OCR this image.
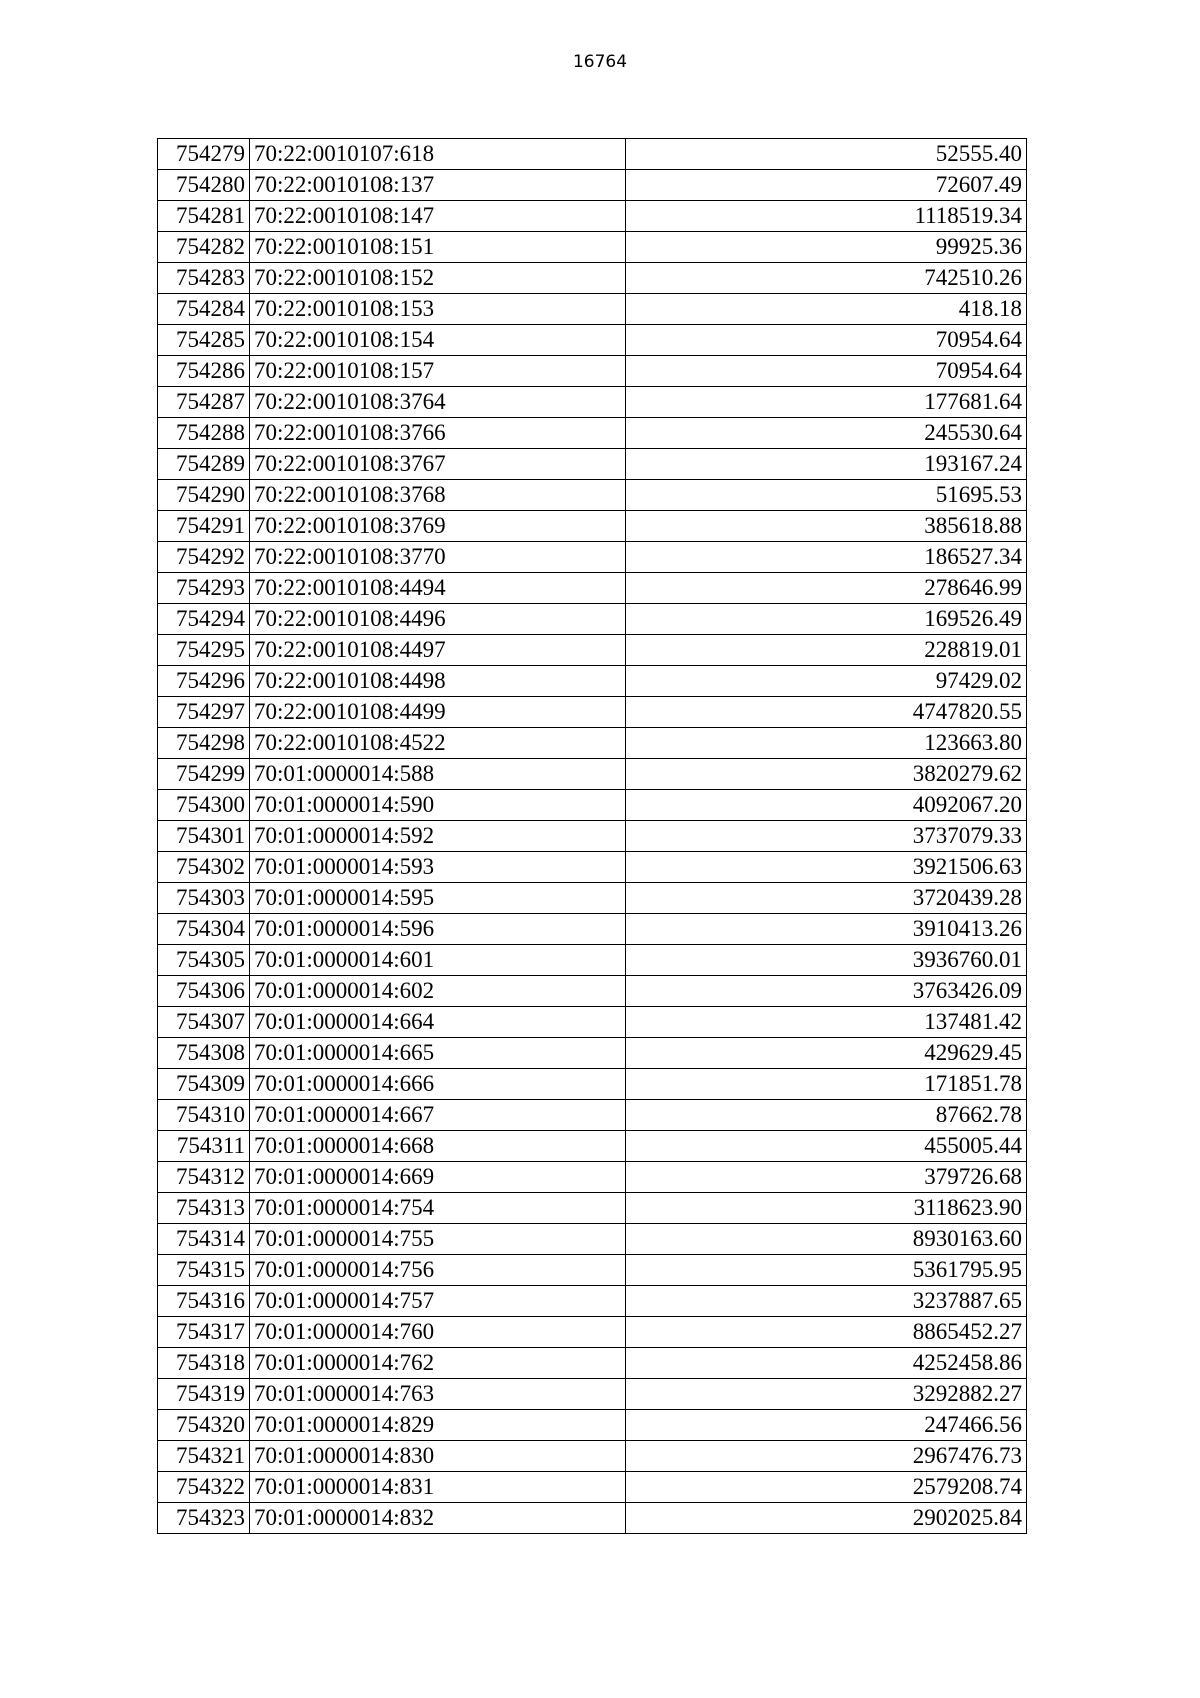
16764
754279	70:22:0010107:618	52555.40
754280	70:22:0010108:137	72607.49
754281	70:22:0010108:147	1118519.34
754282	70:22:0010108:151	99925.36
754283	70:22:0010108:152	742510.26
754284	70:22:0010108:153	418.18
754285	70:22:0010108:154	70954.64
754286	70:22:0010108:157	70954.64
754287	70:22:0010108:3764	177681.64
754288	70:22:0010108:3766	245530.64
754289	70:22:0010108:3767	193167.24
754290	70:22:0010108:3768	51695.53
754291	70:22:0010108:3769	385618.88
754292	70:22:0010108:3770	186527.34
754293	70:22:0010108:4494	278646.99
754294	70:22:0010108:4496	169526.49
754295	70:22:0010108:4497	228819.01
754296	70:22:0010108:4498	97429.02
754297	70:22:0010108:4499	4747820.55
754298	70:22:0010108:4522	123663.80
754299	70:01:0000014:588	3820279.62
754300	70:01:0000014:590	4092067.20
754301	70:01:0000014:592	3737079.33
754302	70:01:0000014:593	3921506.63
754303	70:01:0000014:595	3720439.28
754304	70:01:0000014:596	3910413.26
754305	70:01:0000014:601	3936760.01
754306	70:01:0000014:602	3763426.09
754307	70:01:0000014:664	137481.42
754308	70:01:0000014:665	429629.45
754309	70:01:0000014:666	171851.78
754310	70:01:0000014:667	87662.78
754311	70:01:0000014:668	455005.44
754312	70:01:0000014:669	379726.68
754313	70:01:0000014:754	3118623.90
754314	70:01:0000014:755	8930163.60
754315	70:01:0000014:756	5361795.95
754316	70:01:0000014:757	3237887.65
754317	70:01:0000014:760	8865452.27
754318	70:01:0000014:762	4252458.86
754319	70:01:0000014:763	3292882.27
754320	70:01:0000014:829	247466.56
754321	70:01:0000014:830	2967476.73
754322	70:01:0000014:831	2579208.74
754323	70:01:0000014:832	2902025.84
